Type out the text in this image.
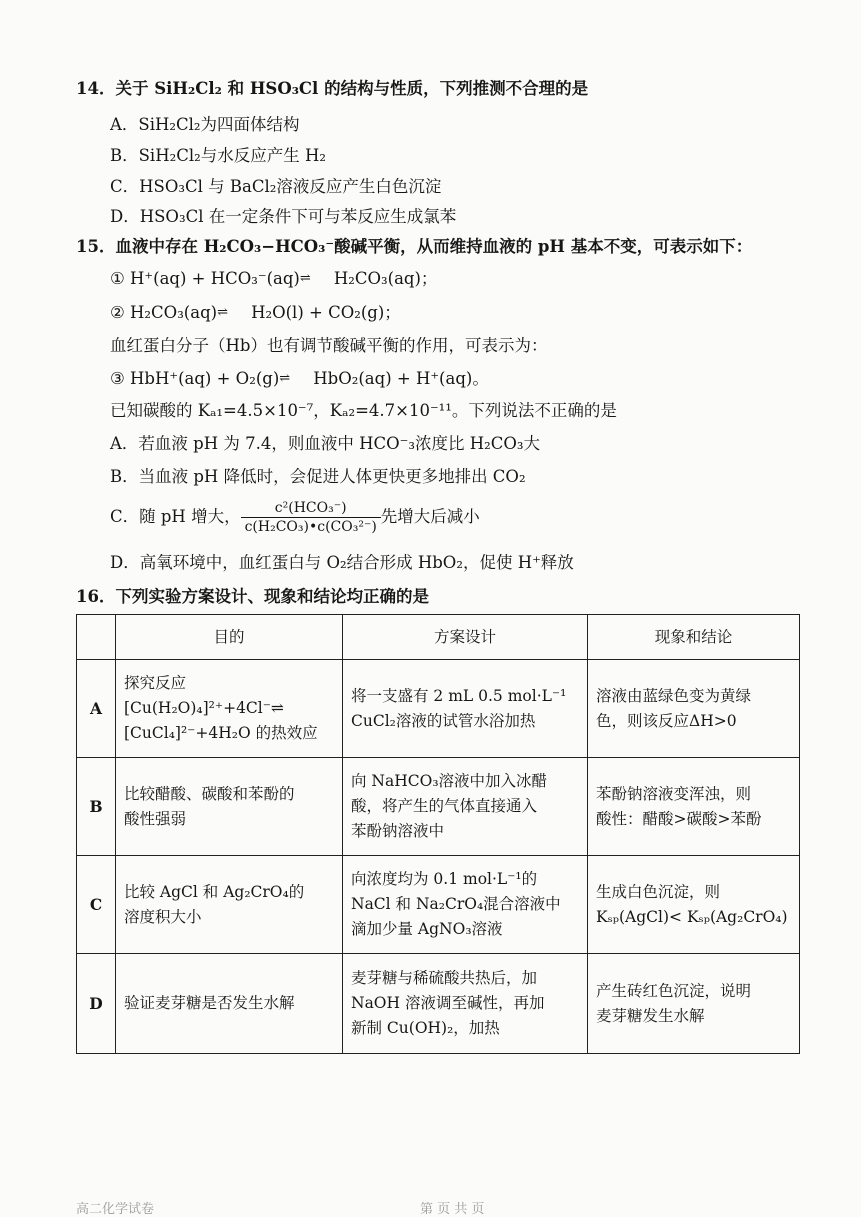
14．关于 SiH₂Cl₂ 和 HSO₃Cl 的结构与性质，下列推测不合理的是
A．SiH₂Cl₂为四面体结构
B．SiH₂Cl₂与水反应产生 H₂
C．HSO₃Cl 与 BaCl₂溶液反应产生白色沉淀
D．HSO₃Cl 在一定条件下可与苯反应生成氯苯
15．血液中存在 H₂CO₃−HCO₃⁻酸碱平衡，从而维持血液的 pH 基本不变，可表示如下：
① H⁺(aq) + HCO₃⁻(aq)⇌ H₂CO₃(aq)；
② H₂CO₃(aq)⇌ H₂O(l) + CO₂(g)；
血红蛋白分子（Hb）也有调节酸碱平衡的作用，可表示为：
③ HbH⁺(aq) + O₂(g)⇌ HbO₂(aq) + H⁺(aq)。
已知碳酸的 Kₐ₁=4.5×10⁻⁷，Kₐ₂=4.7×10⁻¹¹。下列说法不正确的是
A．若血液 pH 为 7.4，则血液中 HCO⁻₃浓度比 H₂CO₃大
B．当血液 pH 降低时，会促进人体更快更多地排出 CO₂
C．随 pH 增大， $\frac{\text{c²(HCO₃⁻)}}{\text{c(H₂CO₃)•c(CO₃²⁻)}}$ 先增大后减小
D．高氧环境中，血红蛋白与 O₂结合形成 HbO₂，促使 H⁺释放
16．下列实验方案设计、现象和结论均正确的是
	目的	方案设计	现象和结论
A	探究反应
[Cu(H₂O)₄]²⁺+4Cl⁻⇌
[CuCl₄]²⁻+4H₂O 的热效应	将一支盛有 2 mL 0.5 mol·L⁻¹
CuCl₂溶液的试管水浴加热	溶液由蓝绿色变为黄绿
色，则该反应ΔH>0

B	比较醋酸、碳酸和苯酚的
酸性强弱	向 NaHCO₃溶液中加入冰醋
酸，将产生的气体直接通入
苯酚钠溶液中	苯酚钠溶液变浑浊，则
酸性：醋酸>碳酸>苯酚

C	比较 AgCl 和 Ag₂CrO₄的
溶度积大小	向浓度均为 0.1 mol·L⁻¹的
NaCl 和 Na₂CrO₄混合溶液中
滴加少量 AgNO₃溶液	生成白色沉淀，则
Kₛₚ(AgCl)< Kₛₚ(Ag₂CrO₄)

D	验证麦芽糖是否发生水解	麦芽糖与稀硫酸共热后，加
NaOH 溶液调至碱性，再加
新制 Cu(OH)₂，加热	产生砖红色沉淀，说明
麦芽糖发生水解
高二化学试卷	第 页 共 页
